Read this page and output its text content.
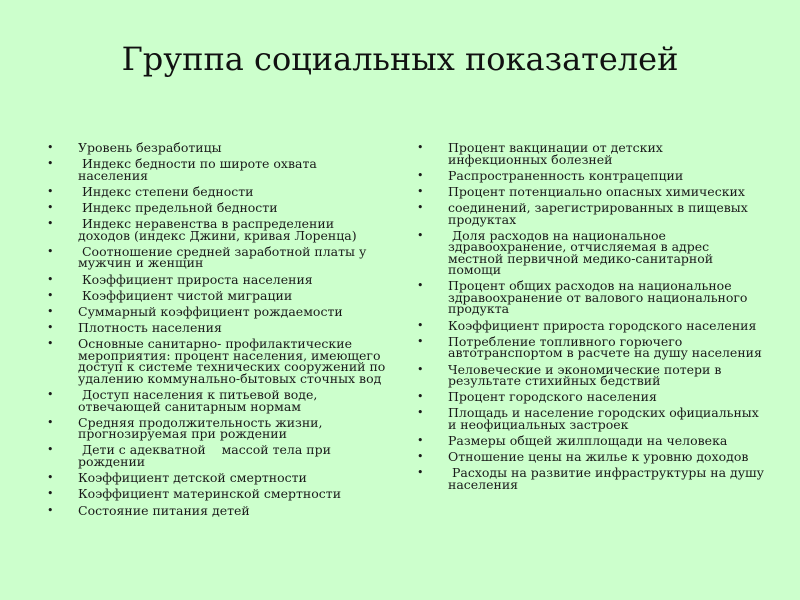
Группа социальных показателей
• Уровень безработицы
• Индекс бедности по широте охвата населения
• Индекс степени бедности
• Индекс предельной бедности
• Индекс неравенства в распределении доходов (индекс Джини, кривая Лоренца)
• Соотношение средней заработной платы у мужчин и женщин
• Коэффициент прироста населения
• Коэффициент чистой миграции
• Суммарный коэффициент рождаемости
• Плотность населения
• Основные санитарно- профилактические мероприятия: процент населения, имеющего доступ к системе технических сооружений по удалению коммунально-бытовых сточных вод
• Доступ населения к питьевой воде, отвечающей санитарным нормам
• Средняя продолжительность жизни, прогнозируемая при рождении
• Дети с адекватной    массой тела при рождении
• Коэффициент детской смертности
• Коэффициент материнской смертности
• Состояние питания детей
• Процент вакцинации от детских инфекционных болезней
• Распространенность контрацепции
• Процент потенциально опасных химических
• соединений, зарегистрированных в пищевых продуктах
• Доля расходов на национальное здравоохранение, отчисляемая в адрес местной первичной медико-санитарной помощи
• Процент общих расходов на национальное здравоохранение от валового национального продукта
• Коэффициент прироста городского населения
• Потребление топливного горючего автотранспортом в расчете на душу населения
• Человеческие и экономические потери в результате стихийных бедствий
• Процент городского населения
• Площадь и население городских официальных и неофициальных застроек
• Размеры общей жилплощади на человека
• Отношение цены на жилье к уровню доходов
• Расходы на развитие инфраструктуры на душу населения
